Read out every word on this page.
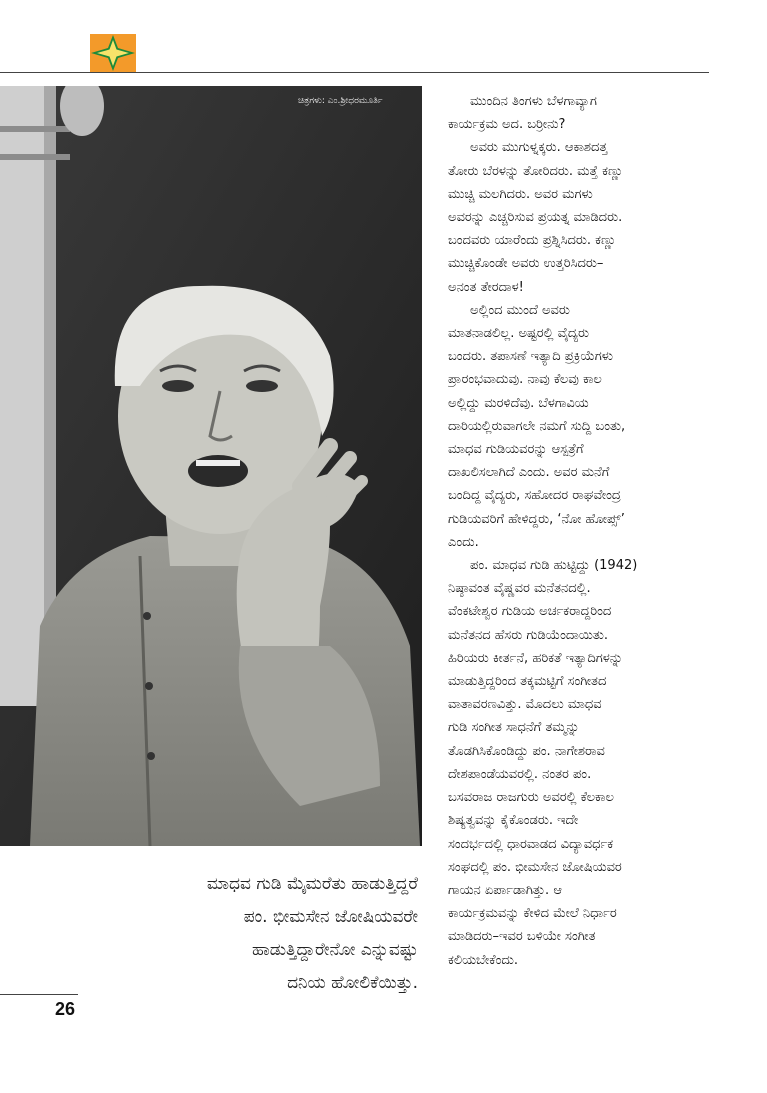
ಚಿತ್ರಗಳು: ಎಂ.ಶ್ರೀಧರಮೂರ್ತಿ
ಮಾಧವ ಗುಡಿ ಮೈಮರೆತು ಹಾಡುತ್ತಿದ್ದರೆ
ಪಂ. ಭೀಮಸೇನ ಜೋಷಿಯವರೇ
ಹಾಡುತ್ತಿದ್ದಾರೇನೋ ಎನ್ನುವಷ್ಟು
ದನಿಯ ಹೋಲಿಕೆಯಿತ್ತು.
26
ಮುಂದಿನ ತಿಂಗಳು ಬೆಳಗಾವ್ಯಾಗ
ಕಾರ್ಯಕ್ರಮ ಅದ. ಬರ್‍ರೀನು?
ಅವರು ಮುಗುಳ್ನಕ್ಕರು. ಆಕಾಶದತ್ತ
ತೋರು ಬೆರಳನ್ನು ತೋರಿದರು. ಮತ್ತೆ ಕಣ್ಣು
ಮುಚ್ಚಿ ಮಲಗಿದರು. ಅವರ ಮಗಳು
ಅವರನ್ನು ಎಚ್ಚರಿಸುವ ಪ್ರಯತ್ನ ಮಾಡಿದರು.
ಬಂದವರು ಯಾರೆಂದು ಪ್ರಶ್ನಿಸಿದರು. ಕಣ್ಣು
ಮುಚ್ಚಿಕೊಂಡೇ ಅವರು ಉತ್ತರಿಸಿದರು–
ಅನಂತ ತೇರದಾಳ!
ಅಲ್ಲಿಂದ ಮುಂದೆ ಅವರು
ಮಾತನಾಡಲಿಲ್ಲ. ಅಷ್ಟರಲ್ಲಿ ವೈದ್ಯರು
ಬಂದರು. ತಪಾಸಣೆ ಇತ್ಯಾದಿ ಪ್ರಕ್ರಿಯೆಗಳು
ಪ್ರಾರಂಭವಾದುವು. ನಾವು ಕೆಲವು ಕಾಲ
ಅಲ್ಲಿದ್ದು ಮರಳಿದೆವು. ಬೆಳಗಾವಿಯ
ದಾರಿಯಲ್ಲಿರುವಾಗಲೇ ನಮಗೆ ಸುದ್ದಿ ಬಂತು,
ಮಾಧವ ಗುಡಿಯವರನ್ನು ಆಸ್ಪತ್ರೆಗೆ
ದಾಖಲಿಸಲಾಗಿದೆ ಎಂದು. ಅವರ ಮನೆಗೆ
ಬಂದಿದ್ದ ವೈದ್ಯರು, ಸಹೋದರ ರಾಘವೇಂದ್ರ
ಗುಡಿಯವರಿಗೆ ಹೇಳಿದ್ದರು, ‘ನೋ ಹೋಪ್ಸ್’
ಎಂದು.
ಪಂ. ಮಾಧವ ಗುಡಿ ಹುಟ್ಟಿದ್ದು (1942)
ನಿಷ್ಠಾವಂತ ವೈಷ್ಣವರ ಮನೆತನದಲ್ಲಿ.
ವೆಂಕಟೇಶ್ವರ ಗುಡಿಯ ಅರ್ಚಕರಾದ್ದರಿಂದ
ಮನೆತನದ ಹೆಸರು ಗುಡಿಯೆಂದಾಯಿತು.
ಹಿರಿಯರು ಕೀರ್ತನೆ, ಹರಿಕತೆ ಇತ್ಯಾದಿಗಳನ್ನು
ಮಾಡುತ್ತಿದ್ದರಿಂದ ತಕ್ಕಮಟ್ಟಿಗೆ ಸಂಗೀತದ
ವಾತಾವರಣವಿತ್ತು. ಮೊದಲು ಮಾಧವ
ಗುಡಿ ಸಂಗೀತ ಸಾಧನೆಗೆ ತಮ್ಮನ್ನು
ತೊಡಗಿಸಿಕೊಂಡಿದ್ದು ಪಂ. ನಾಗೇಶರಾವ
ದೇಶಪಾಂಡೆಯವರಲ್ಲಿ. ನಂತರ ಪಂ.
ಬಸವರಾಜ ರಾಜಗುರು ಅವರಲ್ಲಿ ಕೆಲಕಾಲ
ಶಿಷ್ಯತ್ವವನ್ನು ಕೈಕೊಂಡರು. ಇದೇ
ಸಂದರ್ಭದಲ್ಲಿ ಧಾರವಾಡದ ವಿದ್ಯಾವರ್ಧಕ
ಸಂಘದಲ್ಲಿ ಪಂ. ಭೀಮಸೇನ ಜೋಷಿಯವರ
ಗಾಯನ ಏರ್ಪಾಡಾಗಿತ್ತು. ಆ
ಕಾರ್ಯಕ್ರಮವನ್ನು ಕೇಳಿದ ಮೇಲೆ ನಿರ್ಧಾರ
ಮಾಡಿದರು–ಇವರ ಬಳಿಯೇ ಸಂಗೀತ
ಕಲಿಯಬೇಕೆಂದು.
